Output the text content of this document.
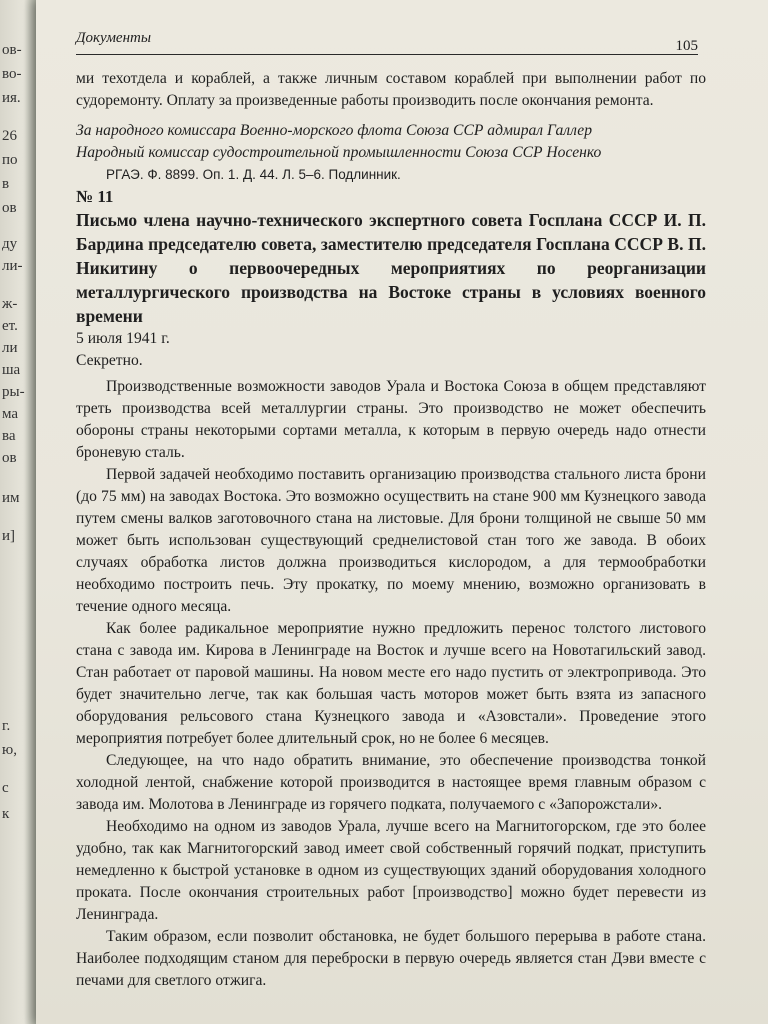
ов-
во-
ия.
26
по
в
ов
ду
ли-
ж-
ет.
ли
ша
ры-
ма
ва
ов
им
и]
г.
ю,
с
к
Документы	105

ми техотдела и кораблей, а также личным составом кораблей при выполнении работ по судоремонту. Оплату за произведенные работы производить после окончания ремонта.

За народного комиссара Военно-морского флота Союза ССР адмирал Галлер

Народный комиссар судостроительной промышленности Союза ССР Носенко

РГАЭ. Ф. 8899. Оп. 1. Д. 44. Л. 5–6. Подлинник.

№ 11

Письмо члена научно-технического экспертного совета Госплана СССР И. П. Бардина председателю совета, заместителю председателя Госплана СССР В. П. Никитину о первоочередных мероприятиях по реорганизации металлургического производства на Востоке страны в условиях военного времени

5 июля 1941 г.

Секретно.

Производственные возможности заводов Урала и Востока Союза в общем представляют треть производства всей металлургии страны. Это производство не может обеспечить обороны страны некоторыми сортами металла, к которым в первую очередь надо отнести броневую сталь.

Первой задачей необходимо поставить организацию производства стального листа брони (до 75 мм) на заводах Востока. Это возможно осуществить на стане 900 мм Кузнецкого завода путем смены валков заготовочного стана на листовые. Для брони толщиной не свыше 50 мм может быть использован существующий среднелистовой стан того же завода. В обоих случаях обработка листов должна производиться кислородом, а для термообработки необходимо построить печь. Эту прокатку, по моему мнению, возможно организовать в течение одного месяца.

Как более радикальное мероприятие нужно предложить перенос толстого листового стана с завода им. Кирова в Ленинграде на Восток и лучше всего на Новотагильский завод. Стан работает от паровой машины. На новом месте его надо пустить от электропривода. Это будет значительно легче, так как большая часть моторов может быть взята из запасного оборудования рельсового стана Кузнецкого завода и «Азовстали». Проведение этого мероприятия потребует более длительный срок, но не более 6 месяцев.

Следующее, на что надо обратить внимание, это обеспечение производства тонкой холодной лентой, снабжение которой производится в настоящее время главным образом с завода им. Молотова в Ленинграде из горячего подката, получаемого с «Запорожстали».

Необходимо на одном из заводов Урала, лучше всего на Магнитогорском, где это более удобно, так как Магнитогорский завод имеет свой собственный горячий подкат, приступить немедленно к быстрой установке в одном из существующих зданий оборудования холодного проката. После окончания строительных работ [производство] можно будет перевести из Ленинграда.

Таким образом, если позволит обстановка, не будет большого перерыва в работе стана. Наиболее подходящим станом для переброски в первую очередь является стан Дэви вместе с печами для светлого отжига.
